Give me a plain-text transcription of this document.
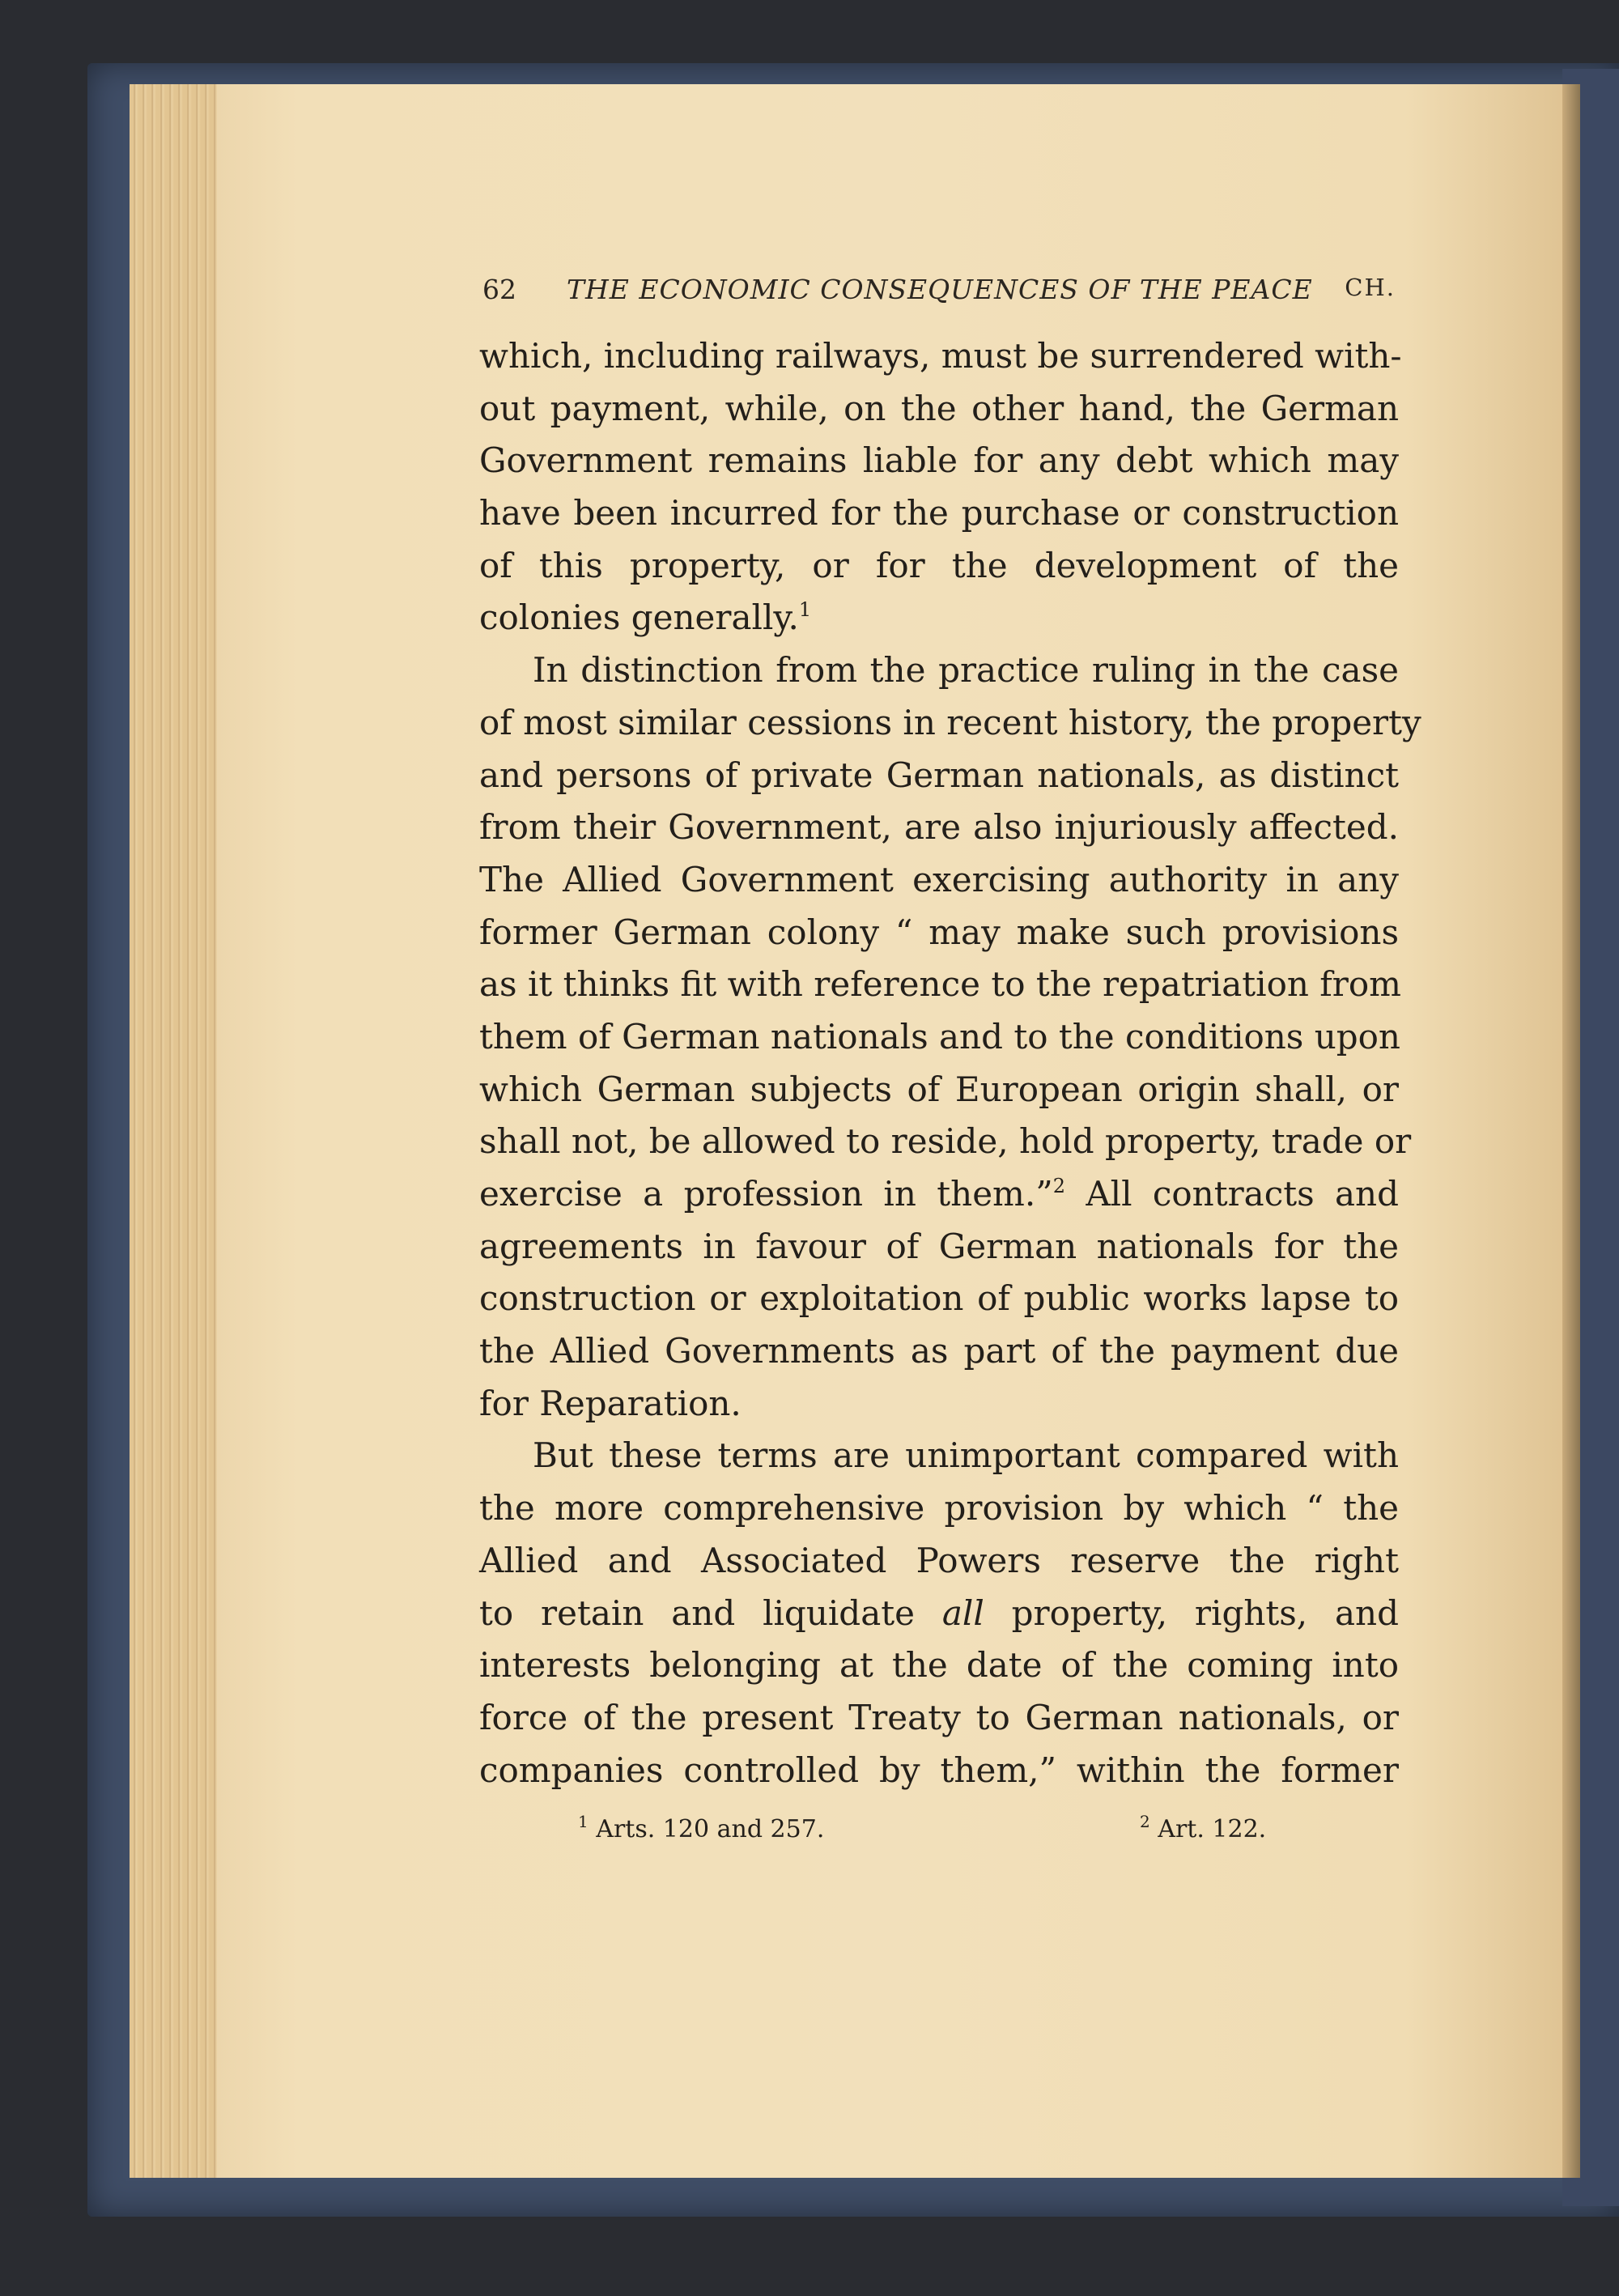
62 THE ECONOMIC CONSEQUENCES OF THE PEACE CH.
which, including railways, must be surrendered with-
out payment, while, on the other hand, the German
Government remains liable for any debt which may
have been incurred for the purchase or construction
of this property, or for the development of the
colonies generally.$^1$
In distinction from the practice ruling in the case
of most similar cessions in recent history, the property
and persons of private German nationals, as distinct
from their Government, are also injuriously affected.
The Allied Government exercising authority in any
former German colony “ may make such provisions
as it thinks fit with reference to the repatriation from
them of German nationals and to the conditions upon
which German subjects of European origin shall, or
shall not, be allowed to reside, hold property, trade or
exercise a profession in them.”$^2$ All contracts and
agreements in favour of German nationals for the
construction or exploitation of public works lapse to
the Allied Governments as part of the payment due
for Reparation.
But these terms are unimportant compared with
the more comprehensive provision by which “ the
Allied and Associated Powers reserve the right
to retain and liquidate all property, rights, and
interests belonging at the date of the coming into
force of the present Treaty to German nationals, or
companies controlled by them,” within the former
$^1$ Arts. 120 and 257.	$^2$ Art. 122.
